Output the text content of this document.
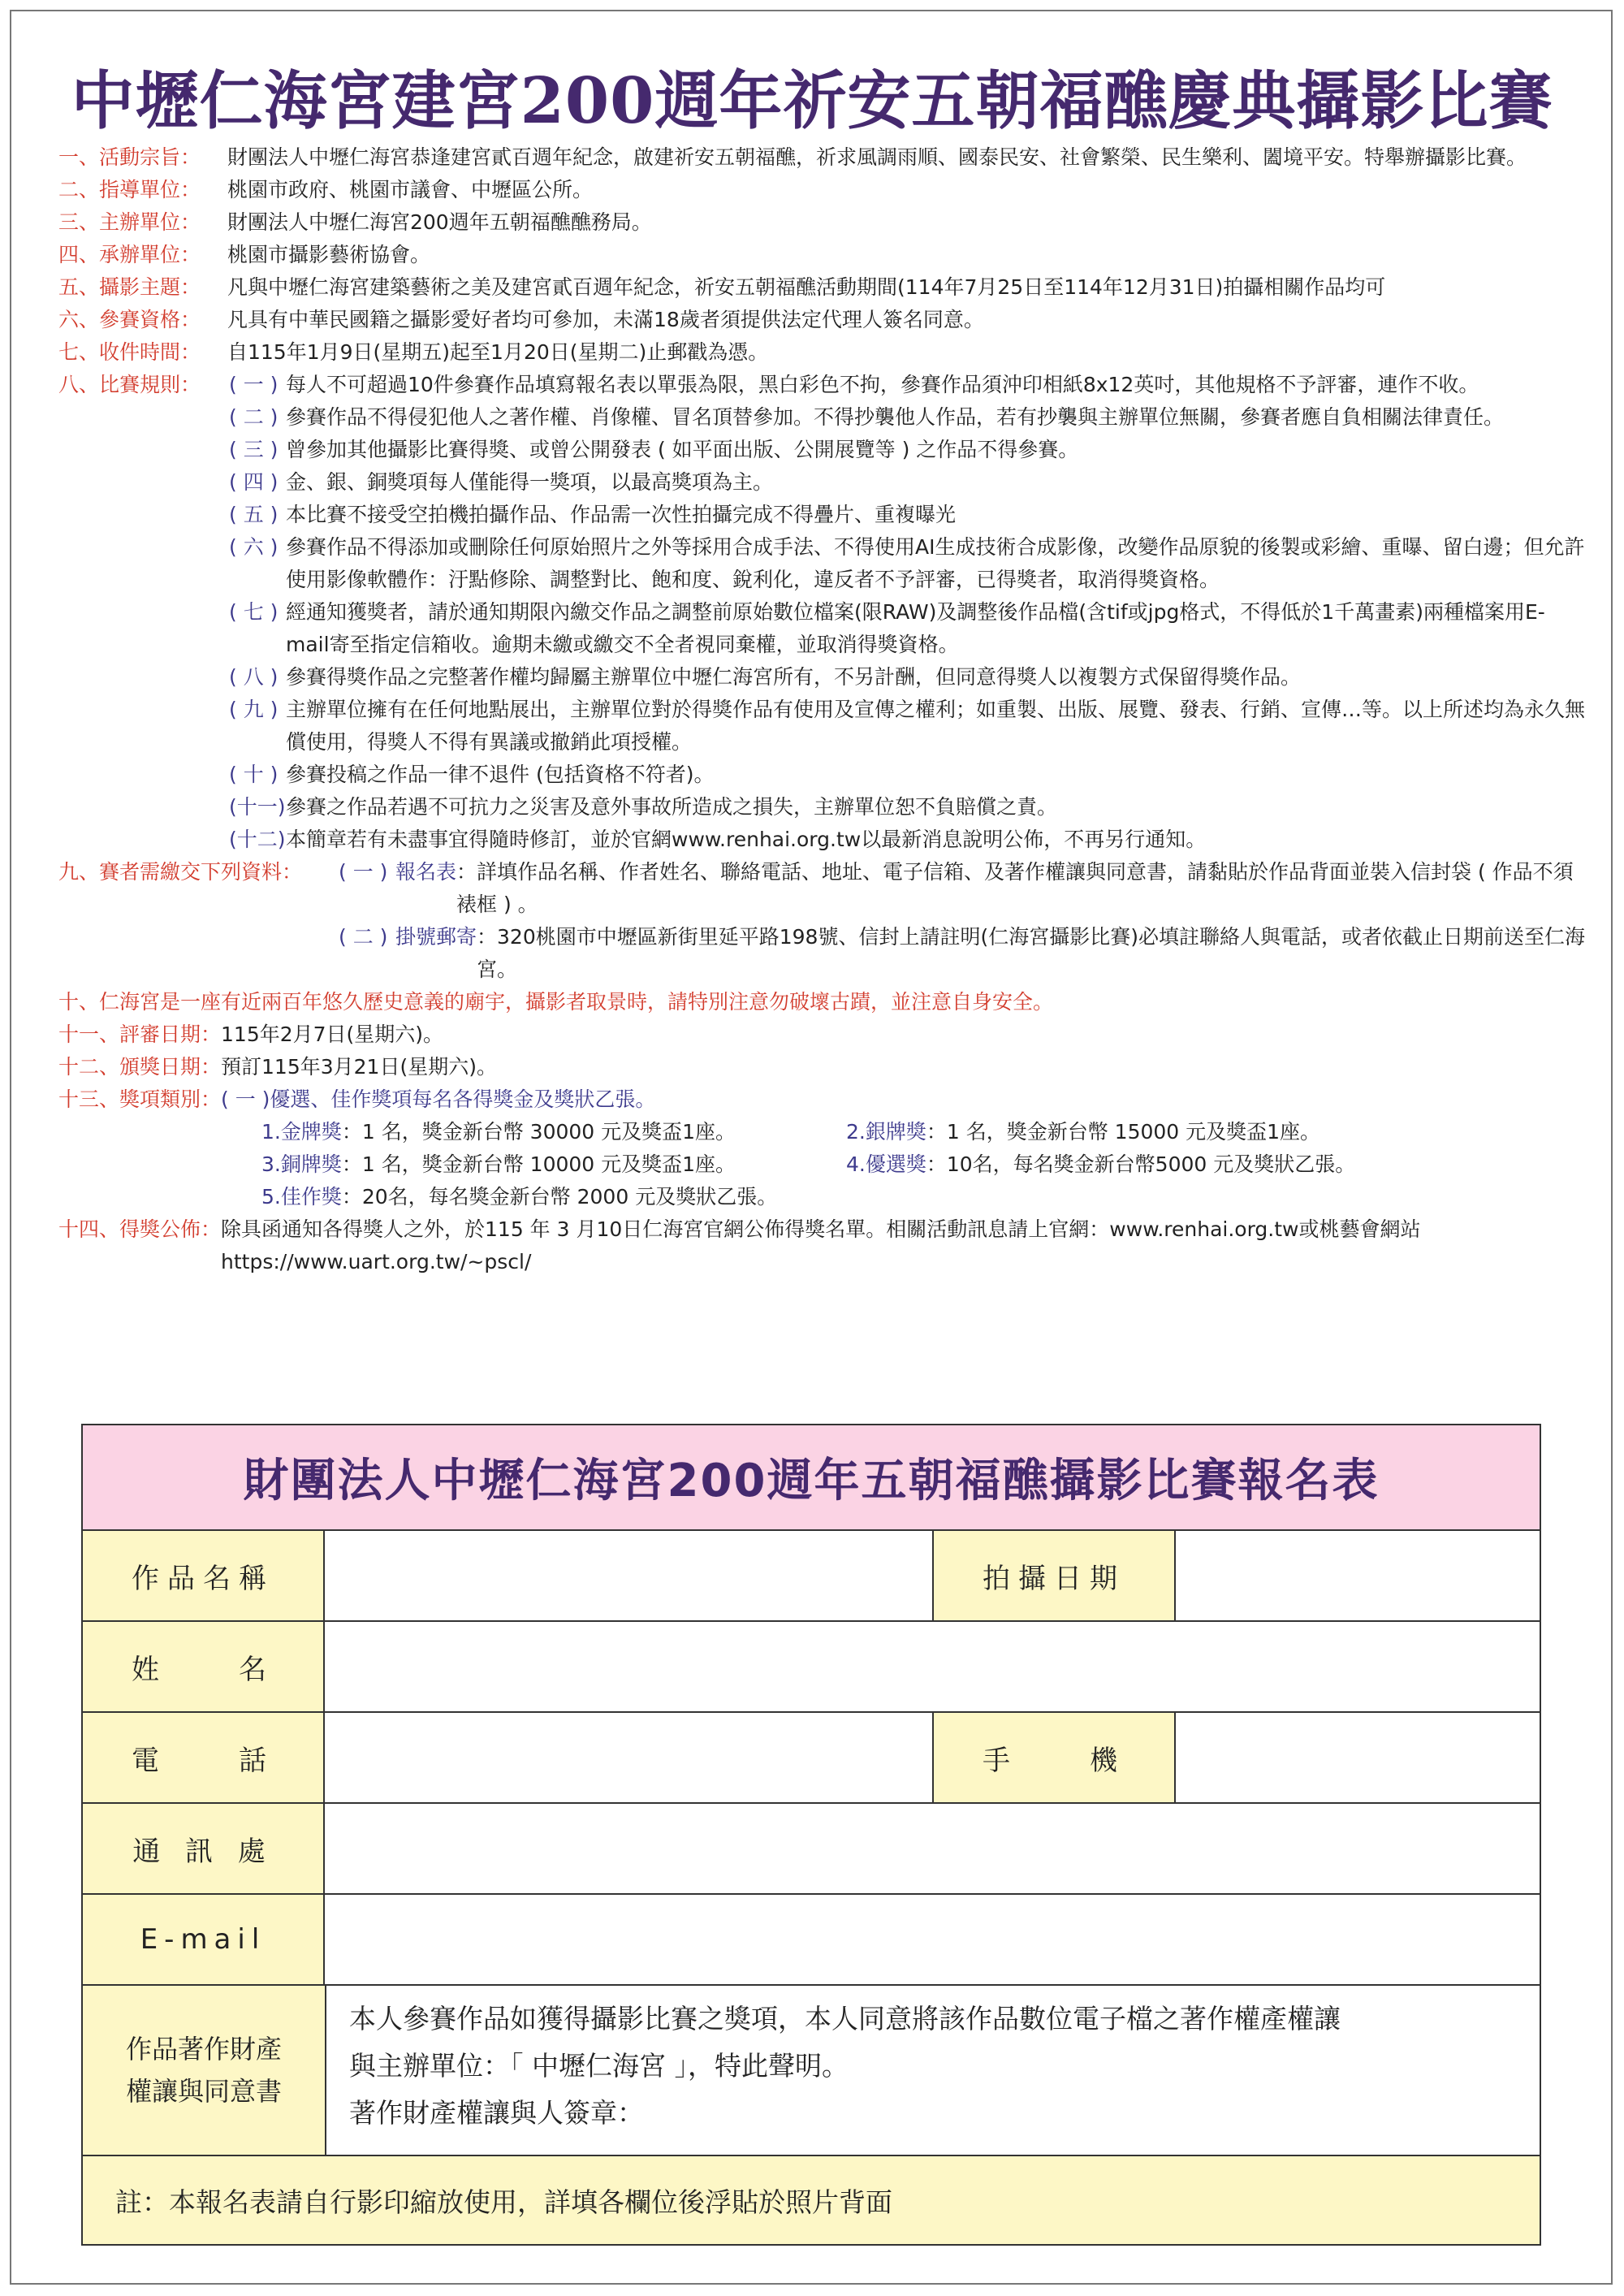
中壢仁海宮建宮200週年祈安五朝福醮慶典攝影比賽
一、活動宗旨：	財團法人中壢仁海宮恭逢建宮貳百週年紀念，啟建祈安五朝福醮，祈求風調雨順、國泰民安、社會繁榮、民生樂利、闔境平安。特舉辦攝影比賽。
二、指導單位：	桃園市政府、桃園市議會、中壢區公所。
三、主辦單位：	財團法人中壢仁海宮200週年五朝福醮醮務局。
四、承辦單位：	桃園市攝影藝術協會。
五、攝影主題：	凡與中壢仁海宮建築藝術之美及建宮貳百週年紀念，祈安五朝福醮活動期間(114年7月25日至114年12月31日)拍攝相關作品均可
六、參賽資格：	凡具有中華民國籍之攝影愛好者均可參加，未滿18歲者須提供法定代理人簽名同意。
七、收件時間：	自115年1月9日(星期五)起至1月20日(星期二)止郵戳為憑。
八、比賽規則：	( 一 ) 每人不可超過10件參賽作品填寫報名表以單張為限，黑白彩色不拘，參賽作品須沖印相紙8x12英吋，其他規格不予評審，連作不收。
( 二 ) 參賽作品不得侵犯他人之著作權、肖像權、冒名頂替參加。不得抄襲他人作品，若有抄襲與主辦單位無關，參賽者應自負相關法律責任。
( 三 ) 曾參加其他攝影比賽得獎、或曾公開發表 ( 如平面出版、公開展覽等 ) 之作品不得參賽。
( 四 ) 金、銀、銅獎項每人僅能得一獎項，以最高獎項為主。
( 五 ) 本比賽不接受空拍機拍攝作品、作品需一次性拍攝完成不得疊片、重複曝光
( 六 ) 參賽作品不得添加或刪除任何原始照片之外等採用合成手法、不得使用AI生成技術合成影像，改變作品原貌的後製或彩繪、重曝、留白邊；但允許使用影像軟體作：汙點修除、調整對比、飽和度、銳利化，違反者不予評審，已得獎者，取消得獎資格。
( 七 ) 經通知獲獎者，請於通知期限內繳交作品之調整前原始數位檔案(限RAW)及調整後作品檔(含tif或jpg格式，不得低於1千萬畫素)兩種檔案用E-mail寄至指定信箱收。逾期未繳或繳交不全者視同棄權，並取消得獎資格。
( 八 ) 參賽得獎作品之完整著作權均歸屬主辦單位中壢仁海宮所有，不另計酬，但同意得獎人以複製方式保留得獎作品。
( 九 ) 主辦單位擁有在任何地點展出，主辦單位對於得獎作品有使用及宣傳之權利；如重製、出版、展覽、發表、行銷、宣傳…等。以上所述均為永久無償使用，得獎人不得有異議或撤銷此項授權。
( 十 ) 參賽投稿之作品一律不退件 (包括資格不符者)。
(十一) 參賽之作品若遇不可抗力之災害及意外事故所造成之損失，主辦單位恕不負賠償之責。
(十二) 本簡章若有未盡事宜得隨時修訂，並於官網www.renhai.org.tw以最新消息說明公佈，不再另行通知。
九、賽者需繳交下列資料： ( 一 ) 報名表 ：詳填作品名稱、作者姓名、聯絡電話、地址、電子信箱、及著作權讓與同意書，請黏貼於作品背面並裝入信封袋 ( 作品不須裱框 ) 。
( 二 ) 掛號郵寄 ：320桃園市中壢區新街里延平路198號、信封上請註明(仁海宮攝影比賽)必填註聯絡人與電話，或者依截止日期前送至仁海宮。
十、仁海宮是一座有近兩百年悠久歷史意義的廟宇，攝影者取景時，請特別注意勿破壞古蹟，並注意自身安全。
十一、評審日期： 115年2月7日(星期六)。
十二、頒獎日期： 預訂115年3月21日(星期六)。
十三、獎項類別： ( 一 ) 優選、佳作獎項每名各得獎金及獎狀乙張。
1.金牌獎：1 名，獎金新台幣 30000 元及獎盃1座。	2.銀牌獎：1 名，獎金新台幣 15000 元及獎盃1座。
3.銅牌獎：1 名，獎金新台幣 10000 元及獎盃1座。	4.優選獎：10名，每名獎金新台幣5000 元及獎狀乙張。
5.佳作獎：20名，每名獎金新台幣 2000 元及獎狀乙張。
十四、得獎公佈： 除具函通知各得獎人之外，於115 年 3 月10日仁海宮官網公佈得獎名單。相關活動訊息請上官網：www.renhai.org.tw或桃藝會網站 https://www.uart.org.tw/~pscl/
財團法人中壢仁海宮200週年五朝福醮攝影比賽報名表
作品名稱	拍攝日期
姓　　名
電　　話	手　　機
通 訊 處
E-mail
作品著作財產
權讓與同意書
本人參賽作品如獲得攝影比賽之獎項，本人同意將該作品數位電子檔之著作權產權讓
與主辦單位：「 中壢仁海宮 」，特此聲明。
著作財產權讓與人簽章：
註：本報名表請自行影印縮放使用，詳填各欄位後浮貼於照片背面
